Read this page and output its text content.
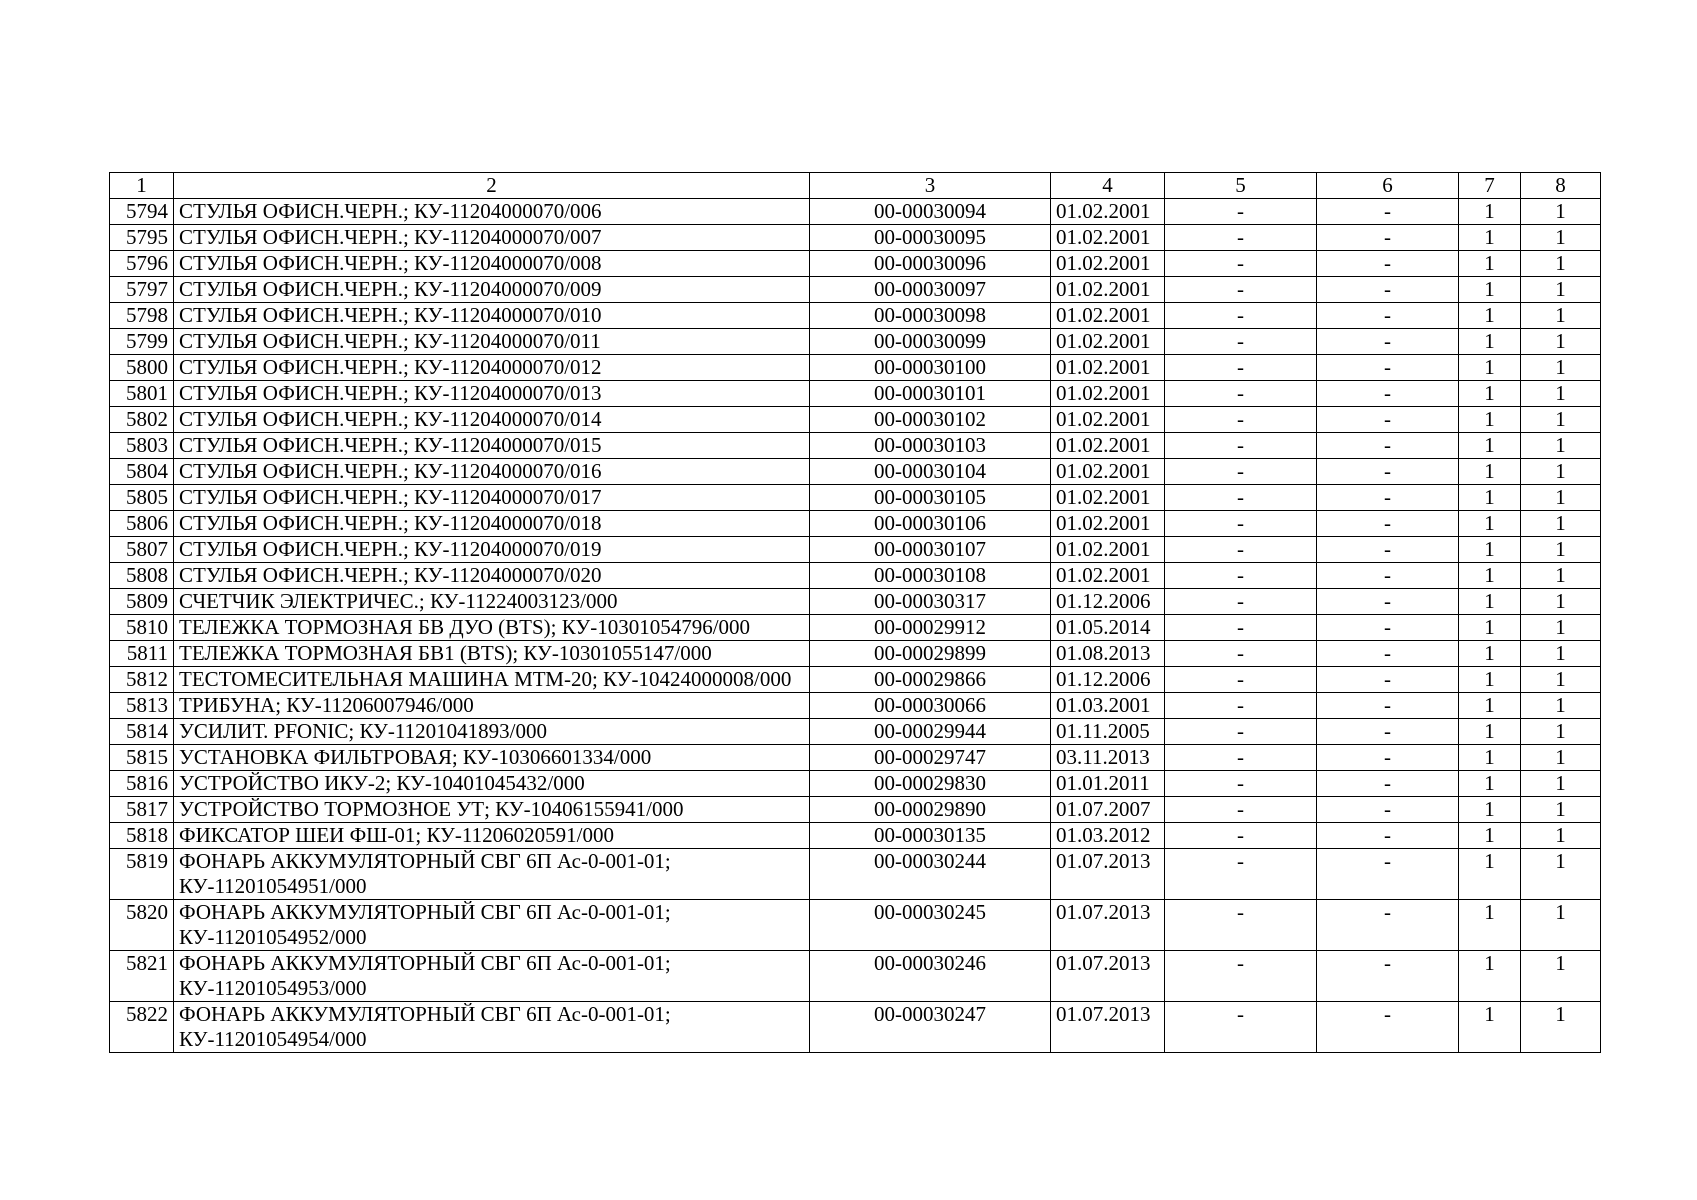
1	2	3	4	5	6	7	8
5794	СТУЛЬЯ ОФИСН.ЧЕРН.; КУ-11204000070/006	00-00030094	01.02.2001	-	-	1	1
5795	СТУЛЬЯ ОФИСН.ЧЕРН.; КУ-11204000070/007	00-00030095	01.02.2001	-	-	1	1
5796	СТУЛЬЯ ОФИСН.ЧЕРН.; КУ-11204000070/008	00-00030096	01.02.2001	-	-	1	1
5797	СТУЛЬЯ ОФИСН.ЧЕРН.; КУ-11204000070/009	00-00030097	01.02.2001	-	-	1	1
5798	СТУЛЬЯ ОФИСН.ЧЕРН.; КУ-11204000070/010	00-00030098	01.02.2001	-	-	1	1
5799	СТУЛЬЯ ОФИСН.ЧЕРН.; КУ-11204000070/011	00-00030099	01.02.2001	-	-	1	1
5800	СТУЛЬЯ ОФИСН.ЧЕРН.; КУ-11204000070/012	00-00030100	01.02.2001	-	-	1	1
5801	СТУЛЬЯ ОФИСН.ЧЕРН.; КУ-11204000070/013	00-00030101	01.02.2001	-	-	1	1
5802	СТУЛЬЯ ОФИСН.ЧЕРН.; КУ-11204000070/014	00-00030102	01.02.2001	-	-	1	1
5803	СТУЛЬЯ ОФИСН.ЧЕРН.; КУ-11204000070/015	00-00030103	01.02.2001	-	-	1	1
5804	СТУЛЬЯ ОФИСН.ЧЕРН.; КУ-11204000070/016	00-00030104	01.02.2001	-	-	1	1
5805	СТУЛЬЯ ОФИСН.ЧЕРН.; КУ-11204000070/017	00-00030105	01.02.2001	-	-	1	1
5806	СТУЛЬЯ ОФИСН.ЧЕРН.; КУ-11204000070/018	00-00030106	01.02.2001	-	-	1	1
5807	СТУЛЬЯ ОФИСН.ЧЕРН.; КУ-11204000070/019	00-00030107	01.02.2001	-	-	1	1
5808	СТУЛЬЯ ОФИСН.ЧЕРН.; КУ-11204000070/020	00-00030108	01.02.2001	-	-	1	1
5809	СЧЕТЧИК ЭЛЕКТРИЧЕС.; КУ-11224003123/000	00-00030317	01.12.2006	-	-	1	1
5810	ТЕЛЕЖКА ТОРМОЗНАЯ БВ ДУО (BTS); КУ-10301054796/000	00-00029912	01.05.2014	-	-	1	1
5811	ТЕЛЕЖКА ТОРМОЗНАЯ БВ1 (BTS); КУ-10301055147/000	00-00029899	01.08.2013	-	-	1	1
5812	ТЕСТОМЕСИТЕЛЬНАЯ МАШИНА МТМ-20; КУ-10424000008/000	00-00029866	01.12.2006	-	-	1	1
5813	ТРИБУНА; КУ-11206007946/000	00-00030066	01.03.2001	-	-	1	1
5814	УСИЛИТ. PFONIC; КУ-11201041893/000	00-00029944	01.11.2005	-	-	1	1
5815	УСТАНОВКА ФИЛЬТРОВАЯ; КУ-10306601334/000	00-00029747	03.11.2013	-	-	1	1
5816	УСТРОЙСТВО ИКУ-2; КУ-10401045432/000	00-00029830	01.01.2011	-	-	1	1
5817	УСТРОЙСТВО ТОРМОЗНОЕ УТ; КУ-10406155941/000	00-00029890	01.07.2007	-	-	1	1
5818	ФИКСАТОР ШЕИ ФШ-01; КУ-11206020591/000	00-00030135	01.03.2012	-	-	1	1
5819	ФОНАРЬ АККУМУЛЯТОРНЫЙ СВГ 6П Ас-0-001-01; КУ-11201054951/000	00-00030244	01.07.2013	-	-	1	1
5820	ФОНАРЬ АККУМУЛЯТОРНЫЙ СВГ 6П Ас-0-001-01; КУ-11201054952/000	00-00030245	01.07.2013	-	-	1	1
5821	ФОНАРЬ АККУМУЛЯТОРНЫЙ СВГ 6П Ас-0-001-01; КУ-11201054953/000	00-00030246	01.07.2013	-	-	1	1
5822	ФОНАРЬ АККУМУЛЯТОРНЫЙ СВГ 6П Ас-0-001-01; КУ-11201054954/000	00-00030247	01.07.2013	-	-	1	1
